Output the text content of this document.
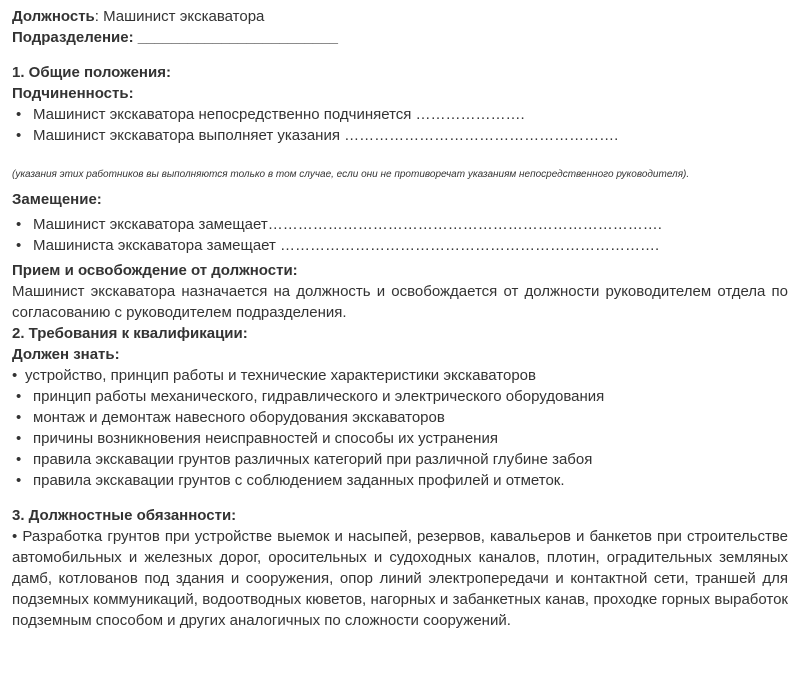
Должность: Машинист экскаватора
Подразделение: ________________________
1. Общие положения:
Подчиненность:
• Машинист экскаватора непосредственно подчиняется ………………….
• Машинист экскаватора выполняет указания ……………………………………………….
(указания этих работников вы выполняются только в том случае, если они не противоречат указаниям непосредственного руководителя).
Замещение:
• Машинист экскаватора замещает…………………………………………………………………….
• Машиниста экскаватора замещает ………………………………………………………………….
Прием и освобождение от должности:
Машинист экскаватора назначается на должность и освобождается от должности руководителем отдела по согласованию с руководителем подразделения.
2. Требования к квалификации:
Должен знать:
• устройство, принцип работы и технические характеристики экскаваторов
• принцип работы механического, гидравлического и электрического оборудования
• монтаж и демонтаж навесного оборудования экскаваторов
• причины возникновения неисправностей и способы их устранения
• правила экскавации грунтов различных категорий при различной глубине забоя
• правила экскавации грунтов с соблюдением заданных профилей и отметок.
3. Должностные обязанности:
• Разработка грунтов при устройстве выемок и насыпей, резервов, кавальеров и банкетов при строительстве автомобильных и железных дорог, оросительных и судоходных каналов, плотин, оградительных земляных дамб, котлованов под здания и сооружения, опор линий электропередачи и контактной сети, траншей для подземных коммуникаций, водоотводных кюветов, нагорных и забанкетных канав, проходке горных выработок подземным способом и других аналогичных по сложности сооружений.
